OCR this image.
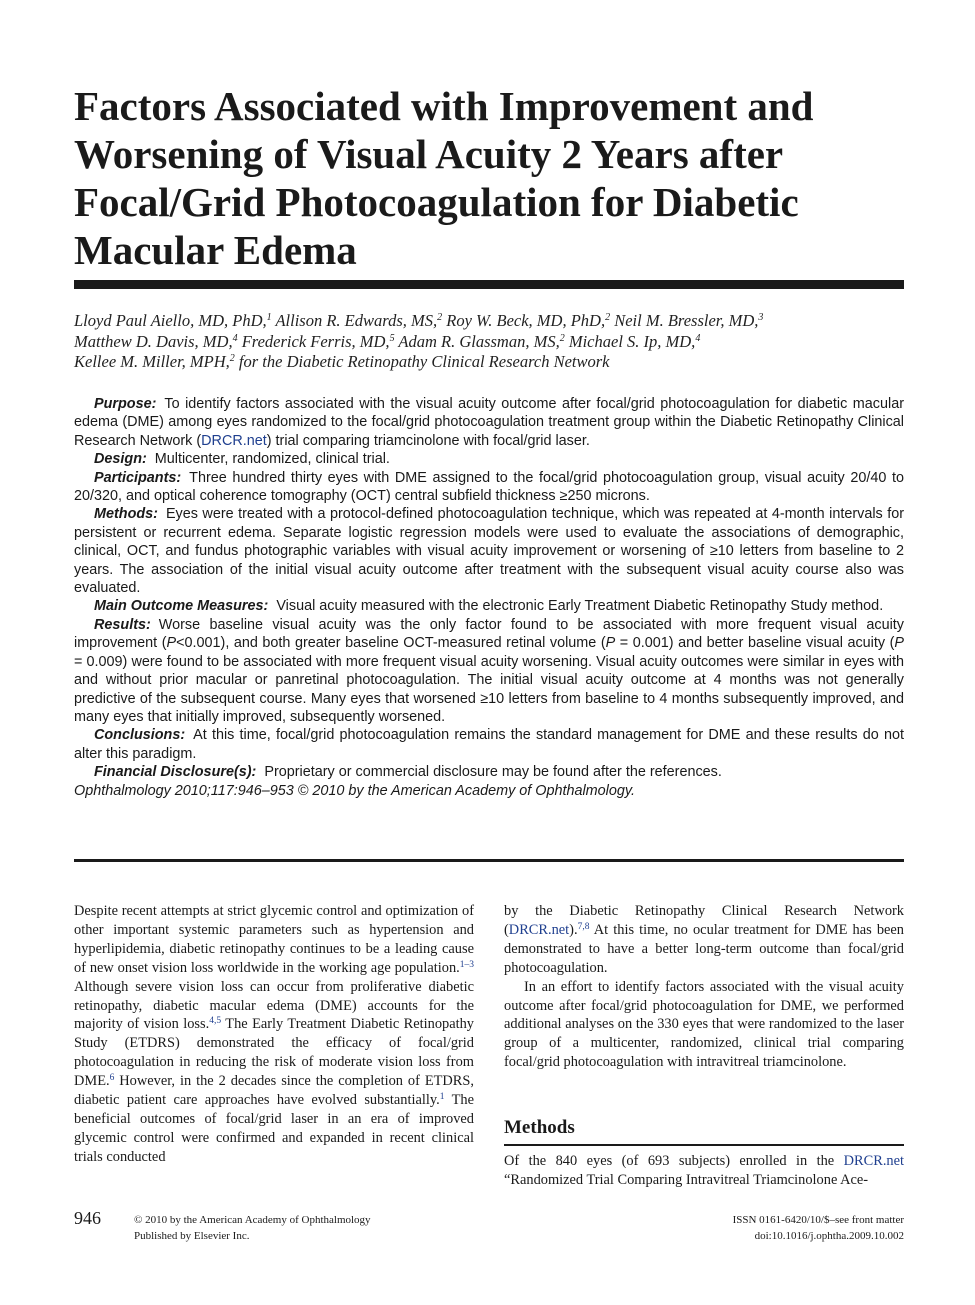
Factors Associated with Improvement and Worsening of Visual Acuity 2 Years after Focal/Grid Photocoagulation for Diabetic Macular Edema
Lloyd Paul Aiello, MD, PhD,$^1$ Allison R. Edwards, MS,$^2$ Roy W. Beck, MD, PhD,$^2$ Neil M. Bressler, MD,$^3$
Matthew D. Davis, MD,$^4$ Frederick Ferris, MD,$^5$ Adam R. Glassman, MS,$^2$ Michael S. Ip, MD,$^4$
Kellee M. Miller, MPH,$^2$ for the Diabetic Retinopathy Clinical Research Network

Purpose: To identify factors associated with the visual acuity outcome after focal/grid photocoagulation for diabetic macular edema (DME) among eyes randomized to the focal/grid photocoagulation treatment group within the Diabetic Retinopathy Clinical Research Network (DRCR.net) trial comparing triamcinolone with focal/grid laser.

Design: Multicenter, randomized, clinical trial.

Participants: Three hundred thirty eyes with DME assigned to the focal/grid photocoagulation group, visual acuity 20/40 to 20/320, and optical coherence tomography (OCT) central subfield thickness ≥250 microns.

Methods: Eyes were treated with a protocol-defined photocoagulation technique, which was repeated at 4-month intervals for persistent or recurrent edema. Separate logistic regression models were used to evaluate the associations of demographic, clinical, OCT, and fundus photographic variables with visual acuity improvement or worsening of ≥10 letters from baseline to 2 years. The association of the initial visual acuity outcome after treatment with the subsequent visual acuity course also was evaluated.

Main Outcome Measures: Visual acuity measured with the electronic Early Treatment Diabetic Retinopathy Study method.

Results: Worse baseline visual acuity was the only factor found to be associated with more frequent visual acuity improvement (P<0.001), and both greater baseline OCT-measured retinal volume (P = 0.001) and better baseline visual acuity (P = 0.009) were found to be associated with more frequent visual acuity worsening. Visual acuity outcomes were similar in eyes with and without prior macular or panretinal photocoagulation. The initial visual acuity outcome at 4 months was not generally predictive of the subsequent course. Many eyes that worsened ≥10 letters from baseline to 4 months subsequently improved, and many eyes that initially improved, subsequently worsened.

Conclusions: At this time, focal/grid photocoagulation remains the standard management for DME and these results do not alter this paradigm.

Financial Disclosure(s): Proprietary or commercial disclosure may be found after the references.

Ophthalmology 2010;117:946–953 © 2010 by the American Academy of Ophthalmology.

Despite recent attempts at strict glycemic control and optimization of other important systemic parameters such as hypertension and hyperlipidemia, diabetic retinopathy continues to be a leading cause of new onset vision loss worldwide in the working age population.$^{1-3}$ Although severe vision loss can occur from proliferative diabetic retinopathy, diabetic macular edema (DME) accounts for the majority of vision loss.$^{4,5}$ The Early Treatment Diabetic Retinopathy Study (ETDRS) demonstrated the efficacy of focal/grid photocoagulation in reducing the risk of moderate vision loss from DME.$^6$ However, in the 2 decades since the completion of ETDRS, diabetic patient care approaches have evolved substantially.$^1$ The beneficial outcomes of focal/grid laser in an era of improved glycemic control were confirmed and expanded in recent clinical trials conducted

by the Diabetic Retinopathy Clinical Research Network (DRCR.net).$^{7,8}$ At this time, no ocular treatment for DME has been demonstrated to have a better long-term outcome than focal/grid photocoagulation.

In an effort to identify factors associated with the visual acuity outcome after focal/grid photocoagulation for DME, we performed additional analyses on the 330 eyes that were randomized to the laser group of a multicenter, randomized, clinical trial comparing focal/grid photocoagulation with intravitreal triamcinolone.

Methods

Of the 840 eyes (of 693 subjects) enrolled in the DRCR.net “Randomized Trial Comparing Intravitreal Triamcinolone Ace-

946	© 2010 by the American Academy of Ophthalmology
Published by Elsevier Inc.
ISSN 0161-6420/10/$–see front matter
doi:10.1016/j.ophtha.2009.10.002
